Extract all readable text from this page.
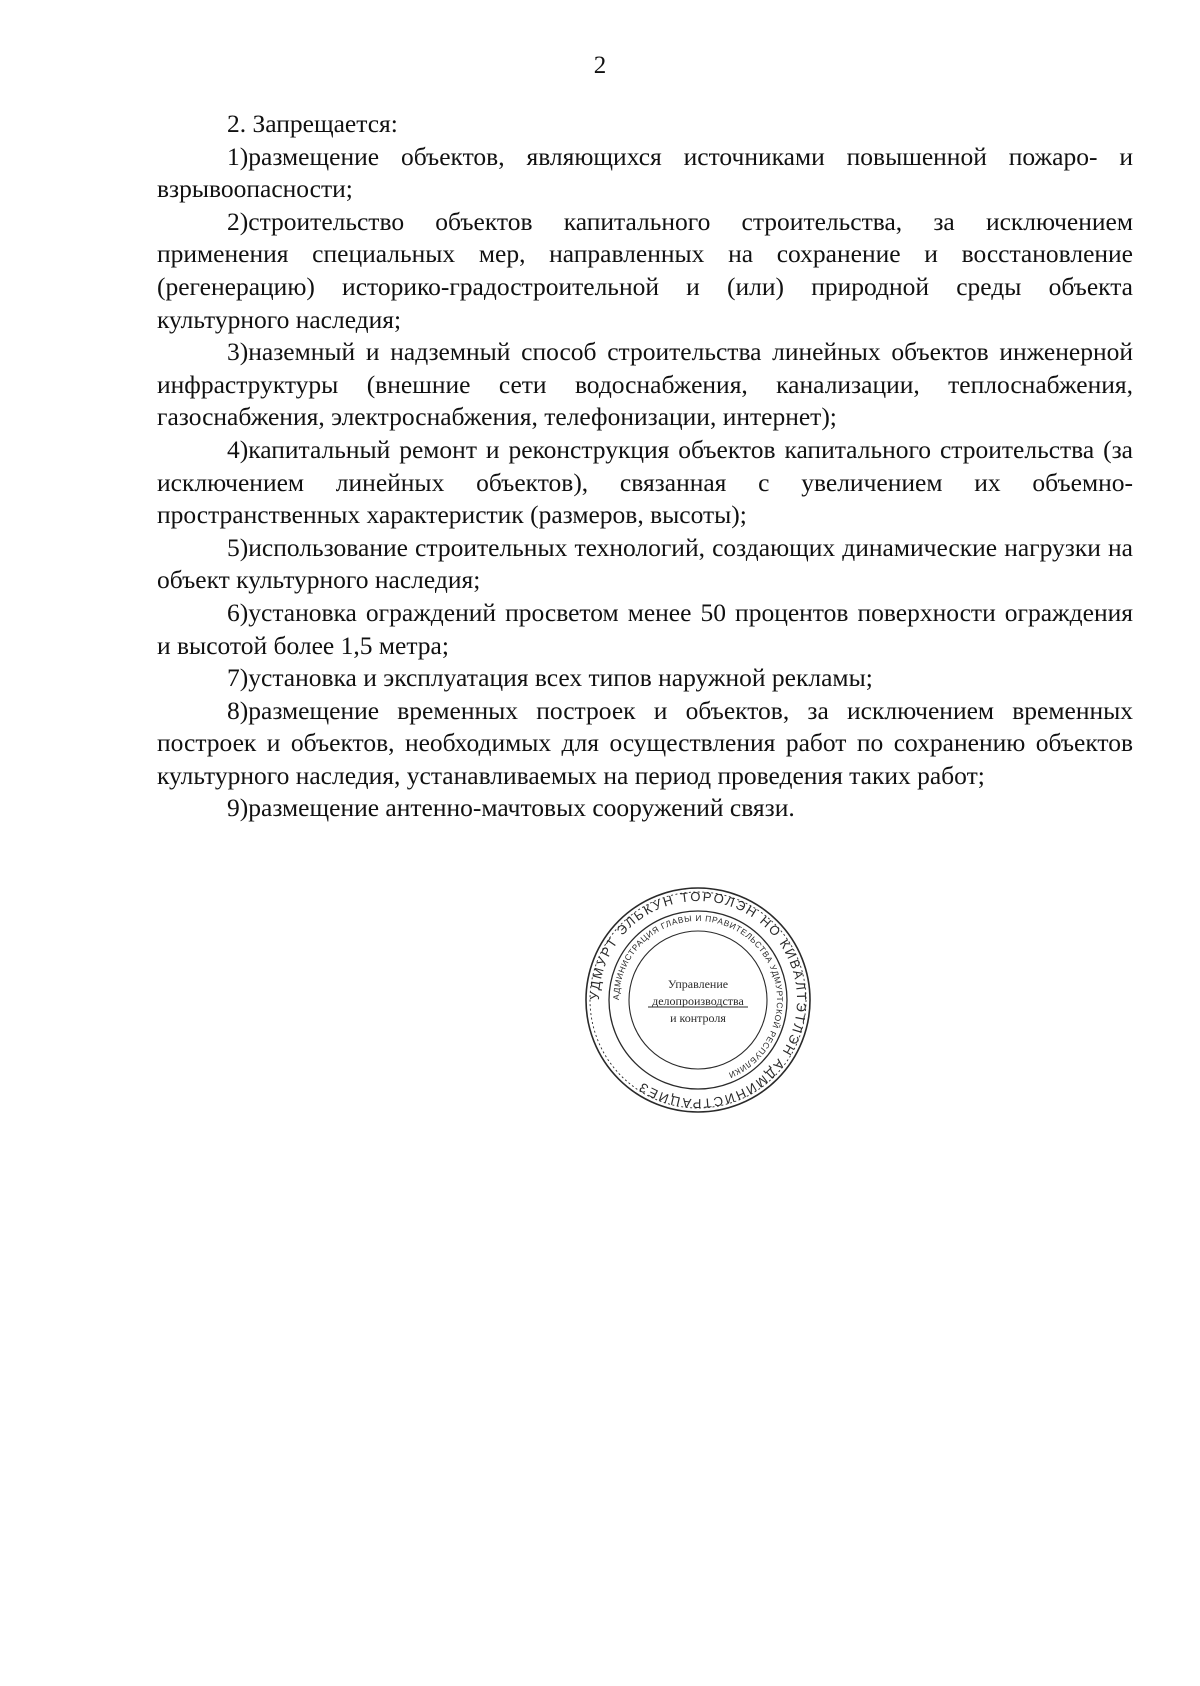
2

2. Запрещается:

1)размещение объектов, являющихся источниками повышенной пожаро- и взрывоопасности;

2)строительство объектов капитального строительства, за исключением применения специальных мер, направленных на сохранение и восстановление (регенерацию) историко-градостроительной и (или) природной среды объекта культурного наследия;

3)наземный и надземный способ строительства линейных объектов инженерной инфраструктуры (внешние сети водоснабжения, канализации, теплоснабжения, газоснабжения, электроснабжения, телефонизации, интернет);

4)капитальный ремонт и реконструкция объектов капитального строительства (за исключением линейных объектов), связанная с увеличением их объемно-пространственных характеристик (размеров, высоты);

5)использование строительных технологий, создающих динамические нагрузки на объект культурного наследия;

6)установка ограждений просветом менее 50 процентов поверхности ограждения и высотой более 1,5 метра;

7)установка и эксплуатация всех типов наружной рекламы;

8)размещение временных построек и объектов, за исключением временных построек и объектов, необходимых для осуществления работ по сохранению объектов культурного наследия, устанавливаемых на период проведения таких работ;

9)размещение антенно-мачтовых сооружений связи.

УДМУРТ ЭЛЬКУН ТОРОЛЭН НО КИВАЛТЭТЛЭН АДМИНИСТРАЦИЕЗ
АДМИНИСТРАЦИЯ ГЛАВЫ И ПРАВИТЕЛЬСТВА УДМУРТСКОЙ РЕСПУБЛИКИ
Управление
делопроизводства
и контроля
